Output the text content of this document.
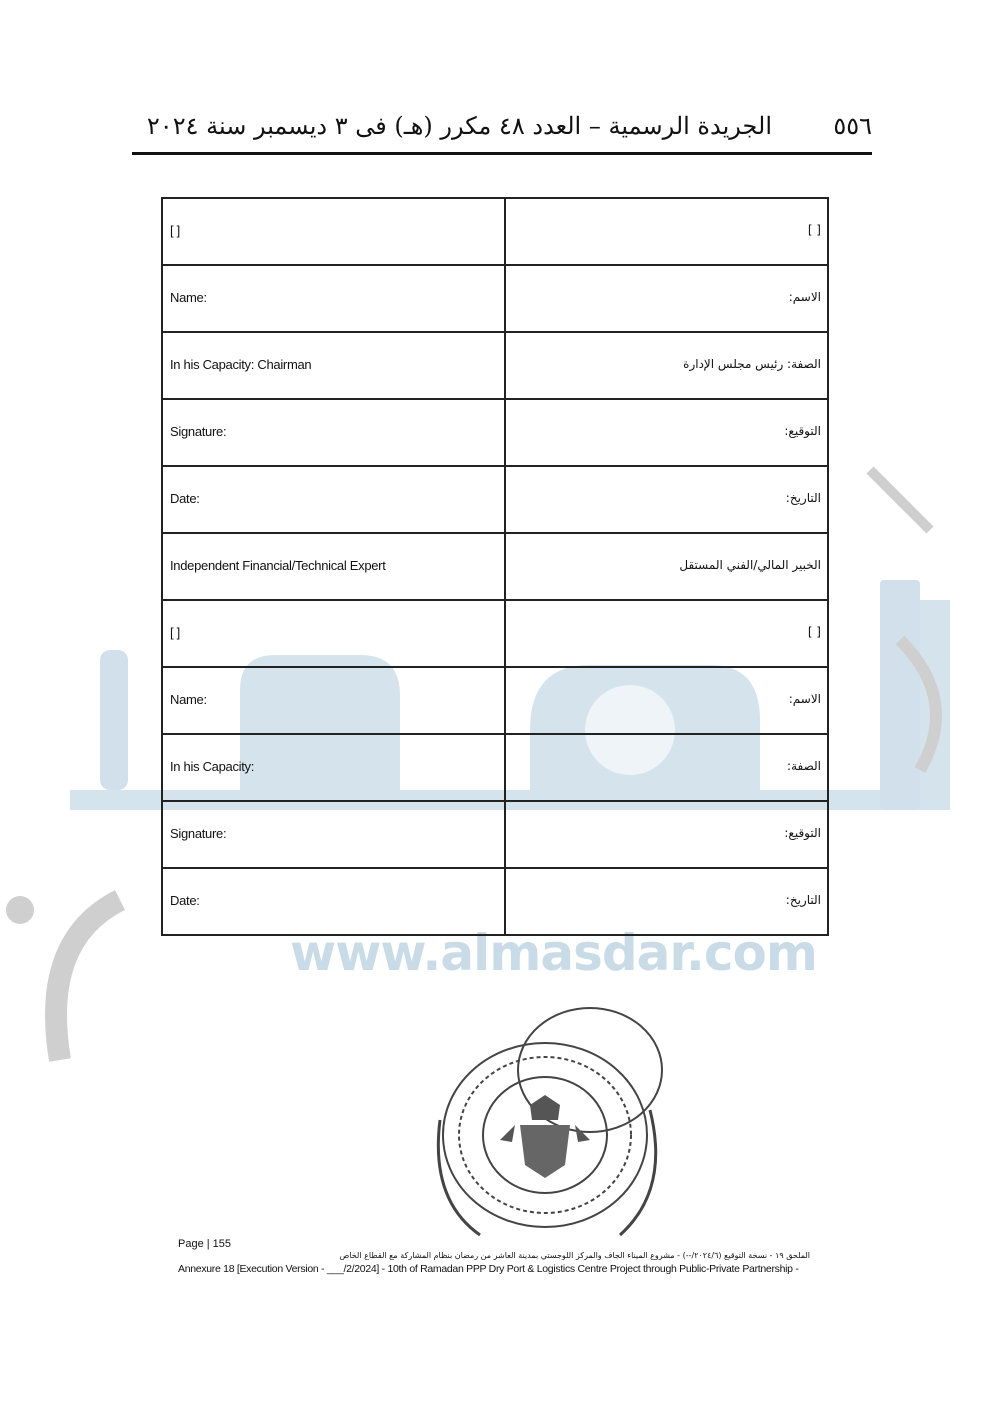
www.almasdar.com
٥٥٦
الجريدة الرسمية – العدد ٤٨ مكرر (هـ) فى ٣ ديسمبر سنة ٢٠٢٤
[ ]	[ ]
Name:	الاسم:
In his Capacity: Chairman	الصفة: رئيس مجلس الإدارة
Signature:	التوقيع:
Date:	التاريخ:
Independent Financial/Technical Expert	الخبير المالي/الفني المستقل
[ ]	[ ]
Name:	الاسم:
In his Capacity:	الصفة:
Signature:	التوقيع:
Date:	التاريخ:
Page | 155
الملحق ١٩ - نسخة التوقيع (٢٠٢٤/٦/--) - مشروع الميناء الجاف والمركز اللوجستي بمدينة العاشر من رمضان بنظام المشاركة مع القطاع الخاص
Annexure 18 [Execution Version - ___/2/2024] - 10th of Ramadan PPP Dry Port & Logistics Centre Project through Public-Private Partnership -
